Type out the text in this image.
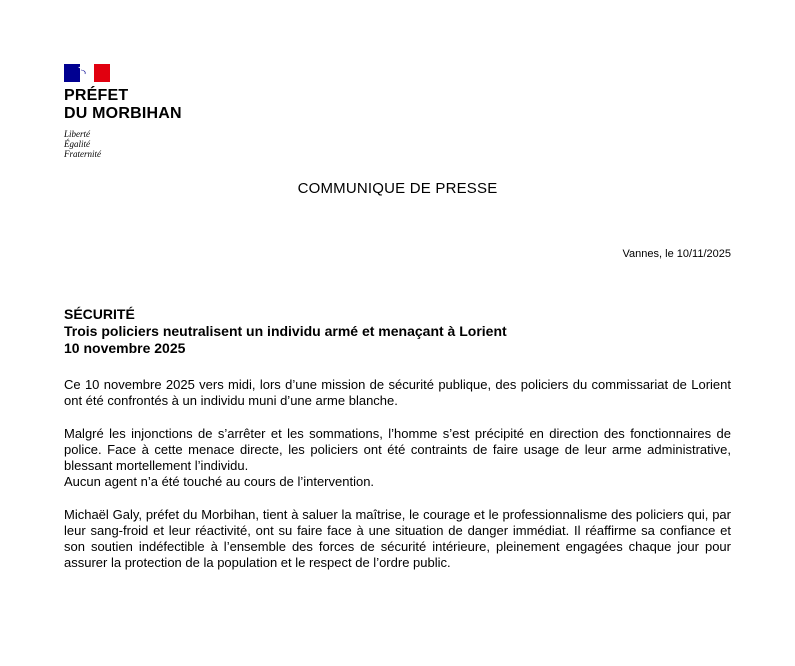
PRÉFET
DU MORBIHAN
Liberté
Égalité
Fraternité
COMMUNIQUE DE PRESSE
Vannes, le 10/11/2025
SÉCURITÉ
Trois policiers neutralisent un individu armé et menaçant à Lorient
10 novembre 2025

Ce 10 novembre 2025 vers midi, lors d’une mission de sécurité publique, des policiers du commissariat de Lorient ont été confrontés à un individu muni d’une arme blanche.

Malgré les injonctions de s’arrêter et les sommations, l’homme s’est précipité en direction des fonctionnaires de police. Face à cette menace directe, les policiers ont été contraints de faire usage de leur arme administrative, blessant mortellement l’individu.
Aucun agent n’a été touché au cours de l’intervention.

Michaël Galy, préfet du Morbihan, tient à saluer la maîtrise, le courage et le professionnalisme des policiers qui, par leur sang-froid et leur réactivité, ont su faire face à une situation de danger immédiat. Il réaffirme sa confiance et son soutien indéfectible à l’ensemble des forces de sécurité intérieure, pleinement engagées chaque jour pour assurer la protection de la population et le respect de l’ordre public.
